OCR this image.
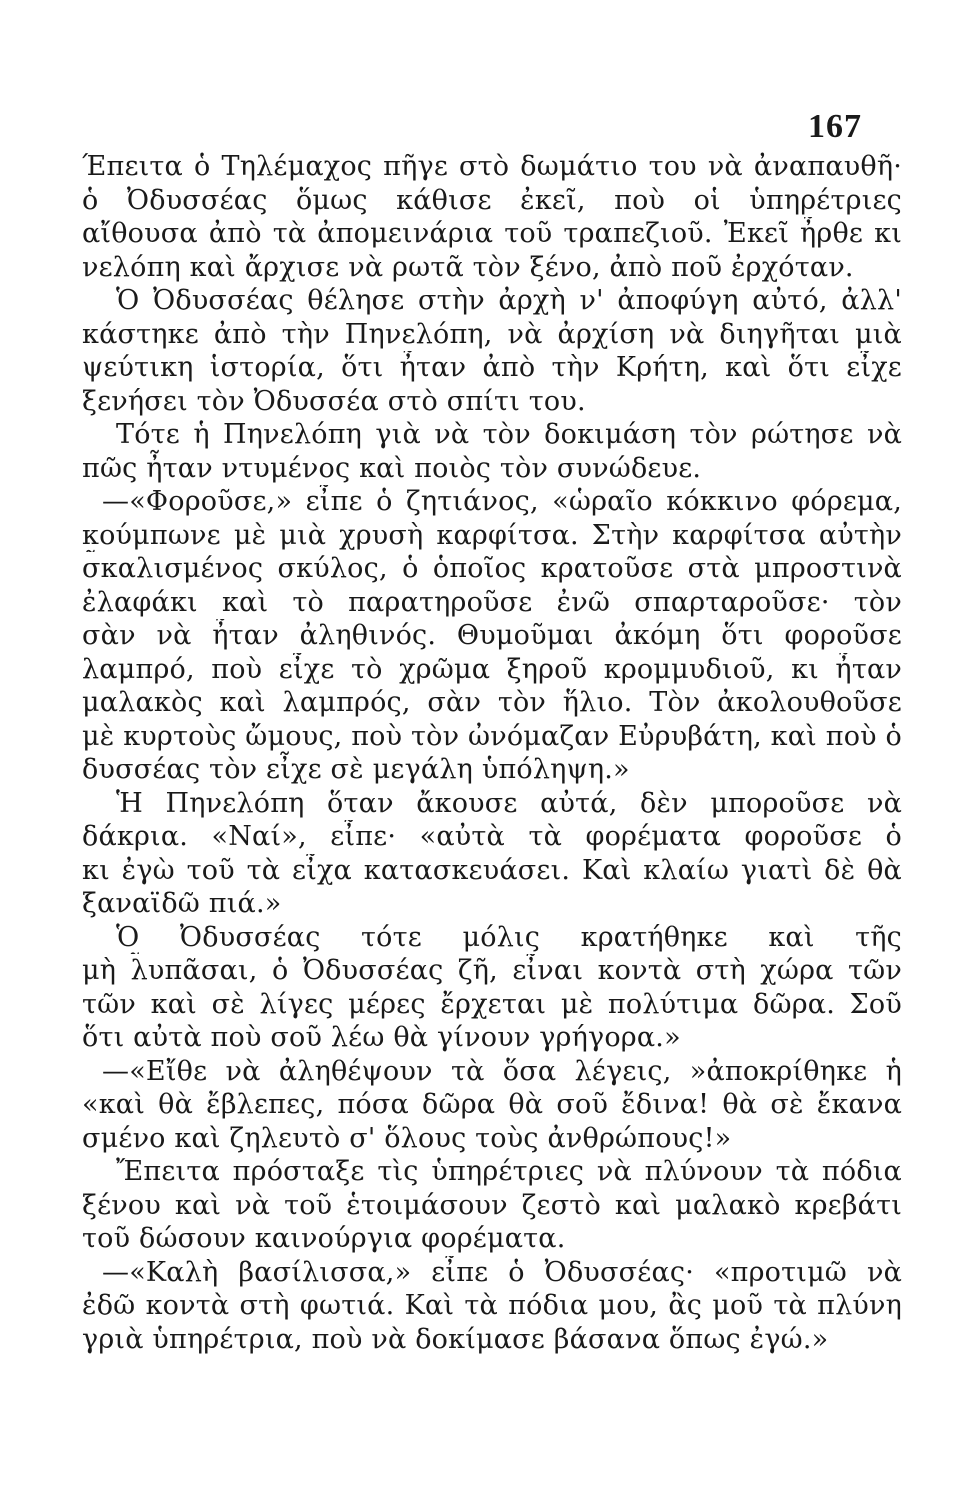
167
Έπειτα ὁ Τηλέμαχος πῆγε στὸ δωμάτιο του νὰ ἀναπαυθῆ·
ὁ Ὀδυσσέας ὅμως κάθισε ἐκεῖ, ποὺ οἱ ὑπηρέτριες
αἴθουσα ἀπὸ τὰ ἀπομεινάρια τοῦ τραπεζιοῦ. Ἐκεῖ ἦρθε κι
νελόπη καὶ ἄρχισε νὰ ρωτᾶ τὸν ξένο, ἀπὸ ποῦ ἐρχόταν.
Ὁ Ὀδυσσέας θέλησε στὴν ἀρχὴ ν' ἀποφύγη αὐτό, ἀλλ'
κάστηκε ἀπὸ τὴν Πηνελόπη, νὰ ἀρχίση νὰ διηγῆται μιὰ
ψεύτικη ἱστορία, ὅτι ἦταν ἀπὸ τὴν Κρήτη, καὶ ὅτι εἶχε
ξενήσει τὸν Ὀδυσσέα στὸ σπίτι του.
Τότε ἡ Πηνελόπη γιὰ νὰ τὸν δοκιμάση τὸν ρώτησε νὰ
πῶς ἦταν ντυμένος καὶ ποιὸς τὸν συνώδευε.
—«Φοροῦσε,» εἶπε ὁ ζητιάνος, «ὡραῖο κόκκινο φόρεμα,
κούμπωνε μὲ μιὰ χρυσὴ καρφίτσα. Στὴν καρφίτσα αὐτὴν
σκαλισμένος σκύλος, ὁ ὁποῖος κρατοῦσε στὰ μπροστινὰ
ἐλαφάκι καὶ τὸ παρατηροῦσε ἐνῶ σπαρταροῦσε· τὸν
σὰν νὰ ἦταν ἀληθινός. Θυμοῦμαι ἀκόμη ὅτι φοροῦσε
λαμπρό, ποὺ εἶχε τὸ χρῶμα ξηροῦ κρομμυδιοῦ, κι ἦταν
μαλακὸς καὶ λαμπρός, σὰν τὸν ἥλιο. Τὸν ἀκολουθοῦσε
μὲ κυρτοὺς ὤμους, ποὺ τὸν ὠνόμαζαν Εὐρυβάτη, καὶ ποὺ ὁ
δυσσέας τὸν εἶχε σὲ μεγάλη ὑπόληψη.»
Ἡ Πηνελόπη ὅταν ἄκουσε αὐτά, δὲν μποροῦσε νὰ
δάκρια. «Ναί», εἶπε· «αὐτὰ τὰ φορέματα φοροῦσε ὁ
κι ἐγὼ τοῦ τὰ εἶχα κατασκευάσει. Καὶ κλαίω γιατὶ δὲ θὰ
ξαναϊδῶ πιά.»
Ὁ Ὀδυσσέας τότε μόλις κρατήθηκε καὶ τῆς
μὴ λυπᾶσαι, ὁ Ὀδυσσέας ζῆ, εἶναι κοντὰ στὴ χώρα τῶν
τῶν καὶ σὲ λίγες μέρες ἔρχεται μὲ πολύτιμα δῶρα. Σοῦ
ὅτι αὐτὰ ποὺ σοῦ λέω θὰ γίνουν γρήγορα.»
—«Εἴθε νὰ ἀληθέψουν τὰ ὅσα λέγεις, »ἀποκρίθηκε ἡ
«καὶ θὰ ἔβλεπες, πόσα δῶρα θὰ σοῦ ἔδινα! θὰ σὲ ἔκανα
σμένο καὶ ζηλευτὸ σ' ὅλους τοὺς ἀνθρώπους!»
Ἔπειτα πρόσταξε τὶς ὑπηρέτριες νὰ πλύνουν τὰ πόδια
ξένου καὶ νὰ τοῦ ἑτοιμάσουν ζεστὸ καὶ μαλακὸ κρεβάτι
τοῦ δώσουν καινούργια φορέματα.
—«Καλὴ βασίλισσα,» εἶπε ὁ Ὀδυσσέας· «προτιμῶ νὰ
ἐδῶ κοντὰ στὴ φωτιά. Καὶ τὰ πόδια μου, ἂς μοῦ τὰ πλύνη
γριὰ ὑπηρέτρια, ποὺ νὰ δοκίμασε βάσανα ὅπως ἐγώ.»
